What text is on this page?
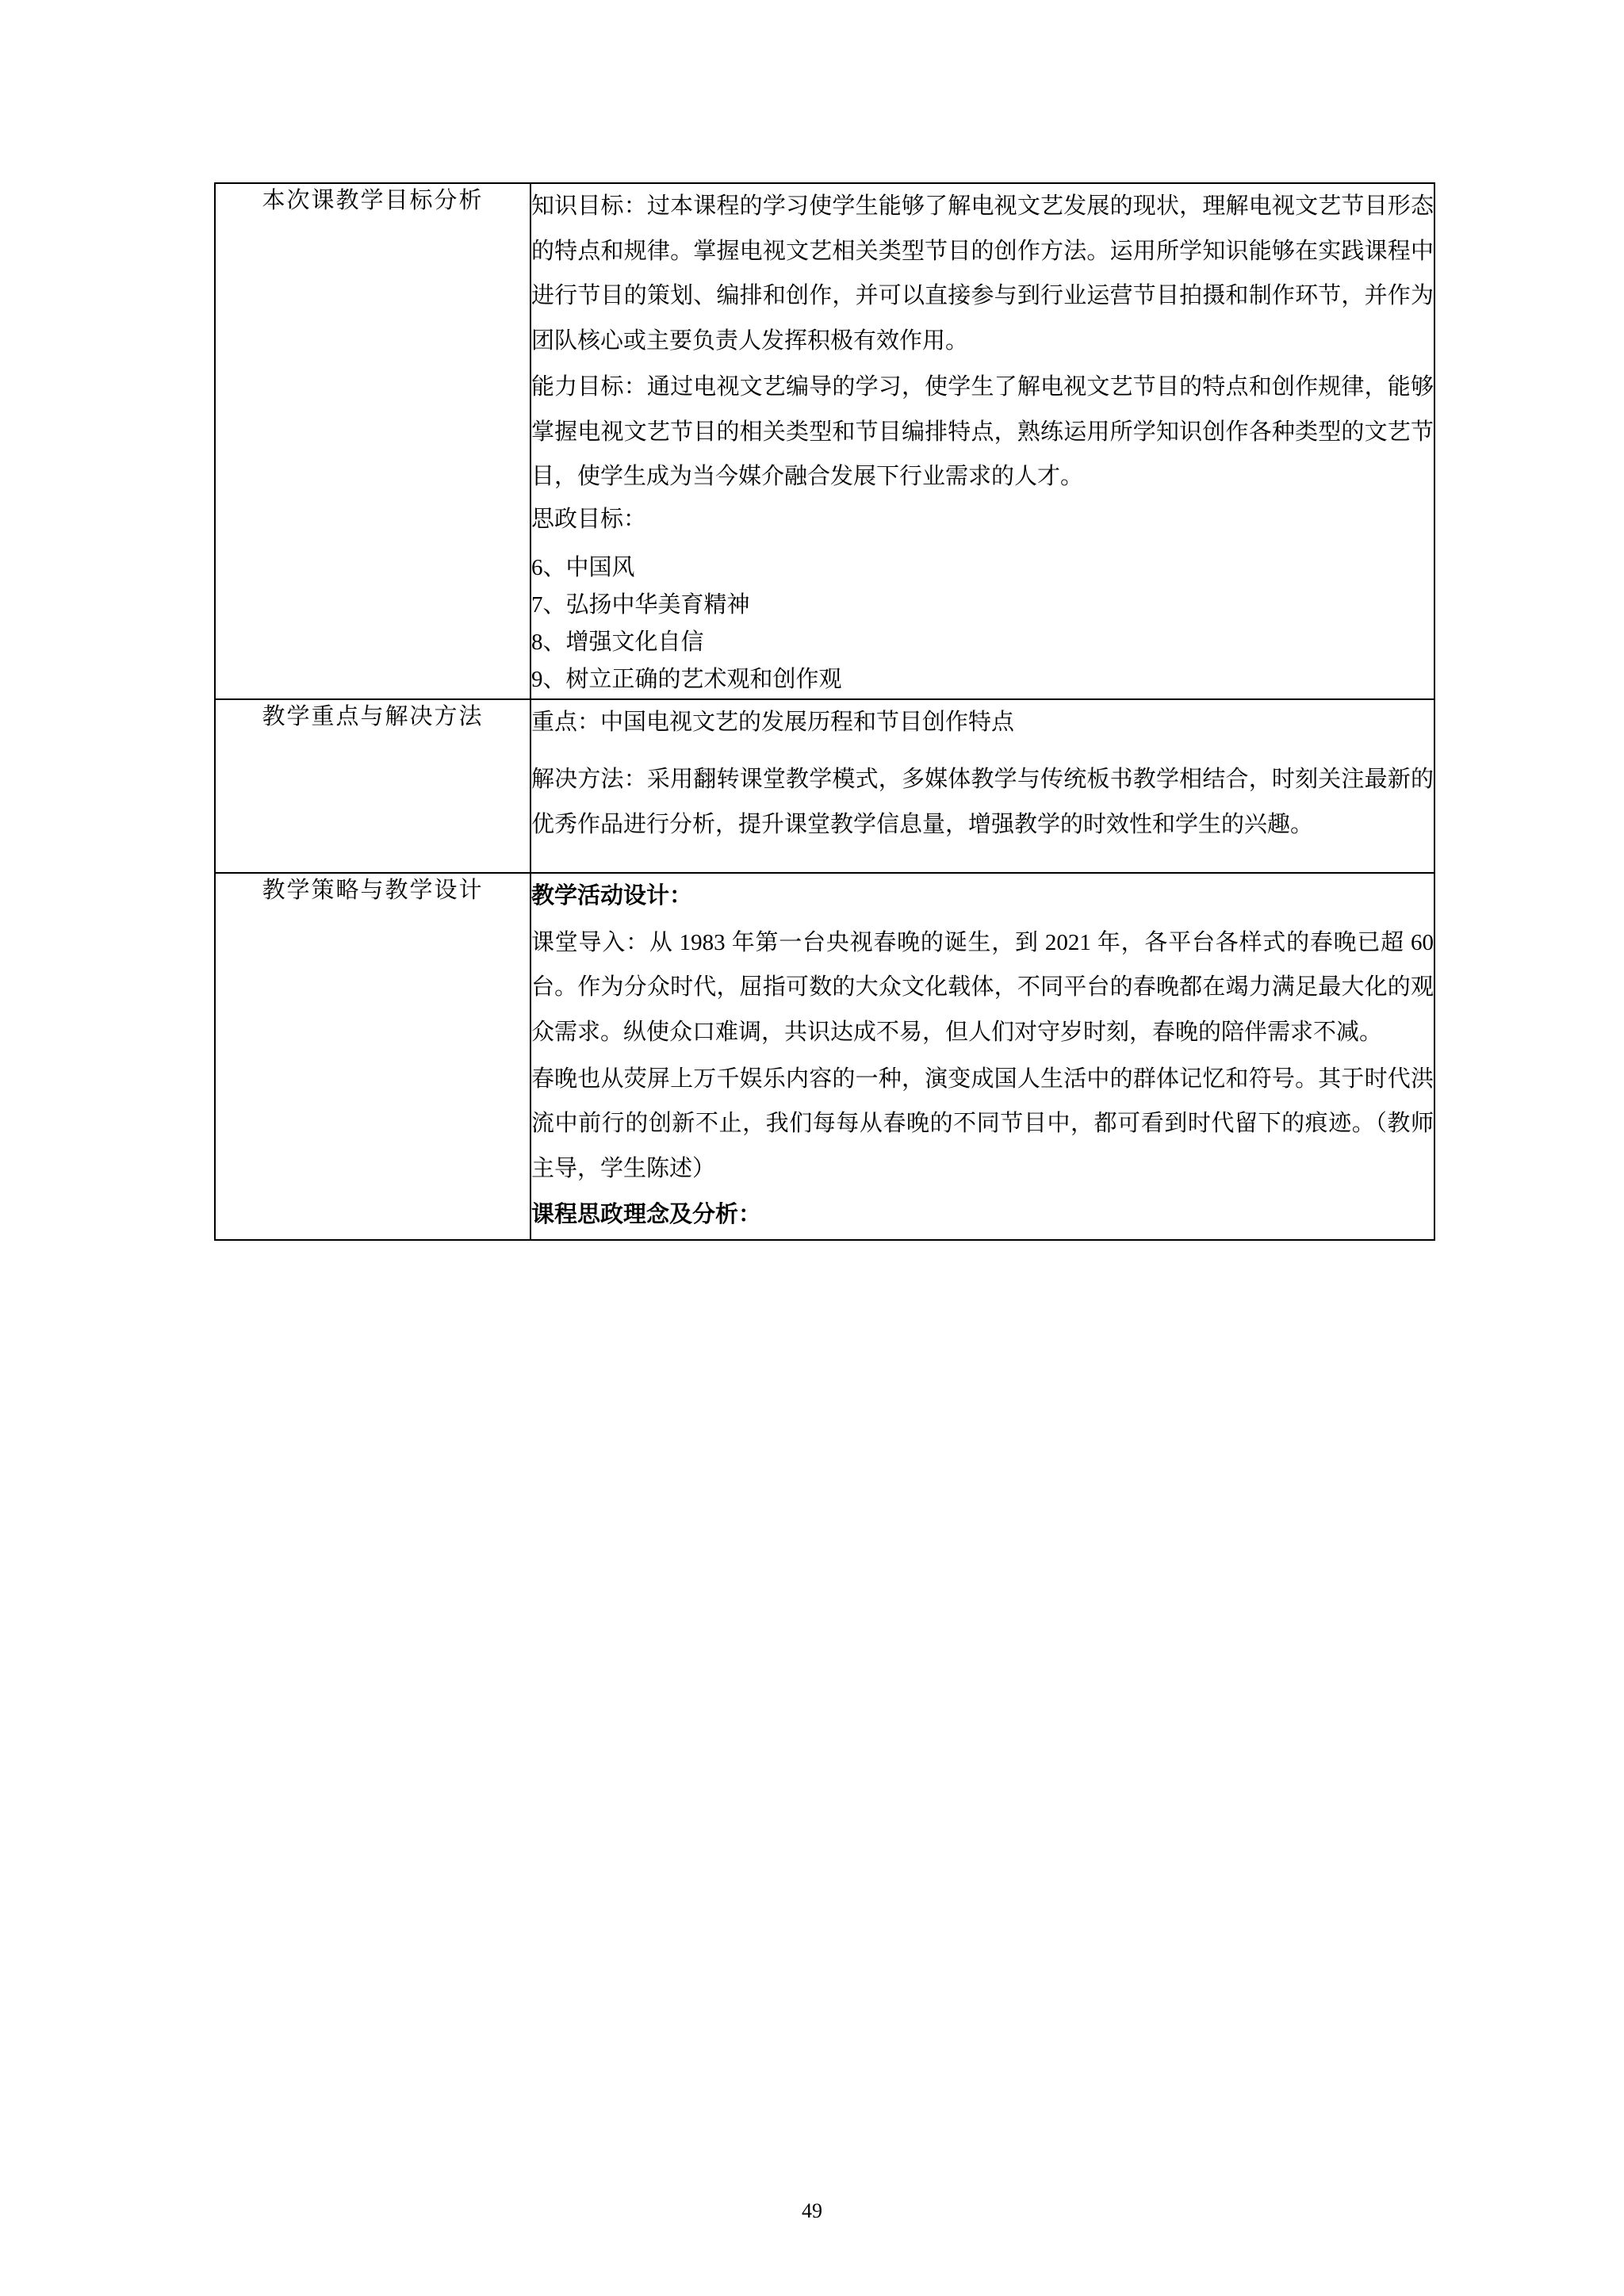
本次课教学目标分析	知识目标：过本课程的学习使学生能够了解电视文艺发展的现状，理解电视文艺节目形态的特点和规律。掌握电视文艺相关类型节目的创作方法。运用所学知识能够在实践课程中进行节目的策划、编排和创作，并可以直接参与到行业运营节目拍摄和制作环节，并作为团队核心或主要负责人发挥积极有效作用。

能力目标：通过电视文艺编导的学习，使学生了解电视文艺节目的特点和创作规律，能够掌握电视文艺节目的相关类型和节目编排特点，熟练运用所学知识创作各种类型的文艺节目，使学生成为当今媒介融合发展下行业需求的人才。

思政目标：

6、中国风

7、弘扬中华美育精神

8、增强文化自信

9、树立正确的艺术观和创作观

教学重点与解决方法	重点：中国电视文艺的发展历程和节目创作特点

解决方法：采用翻转课堂教学模式，多媒体教学与传统板书教学相结合，时刻关注最新的优秀作品进行分析，提升课堂教学信息量，增强教学的时效性和学生的兴趣。

教学策略与教学设计	教学活动设计：

课堂导入：从 1983 年第一台央视春晚的诞生，到 2021 年，各平台各样式的春晚已超 60 台。作为分众时代，屈指可数的大众文化载体，不同平台的春晚都在竭力满足最大化的观众需求。纵使众口难调，共识达成不易，但人们对守岁时刻，春晚的陪伴需求不减。

春晚也从荧屏上万千娱乐内容的一种，演变成国人生活中的群体记忆和符号。其于时代洪流中前行的创新不止，我们每每从春晚的不同节目中，都可看到时代留下的痕迹。（教师主导，学生陈述）

课程思政理念及分析：

49
